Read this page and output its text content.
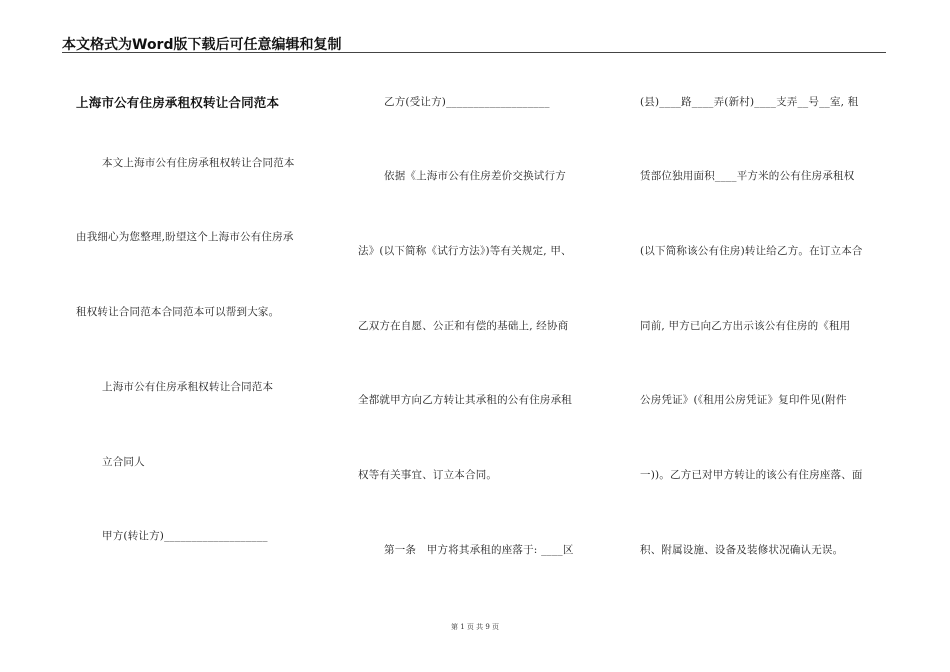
本文格式为Word版下载后可任意编辑和复制
上海市公有住房承租权转让合同范本
本文上海市公有住房承租权转让合同范本
由我细心为您整理,盼望这个上海市公有住房承
租权转让合同范本合同范本可以帮到大家。
上海市公有住房承租权转让合同范本
立合同人
甲方(转让方)___________________
乙方(受让方)___________________
依据《上海市公有住房差价交换试行方
法》(以下简称《试行方法》)等有关规定, 甲、
乙双方在自愿、公正和有偿的基础上, 经协商
全都就甲方向乙方转让其承租的公有住房承租
权等有关事宜、订立本合同。
第一条　甲方将其承租的座落于: ____区
(县)____路____弄(新村)____支弄__号__室, 租
赁部位独用面积____平方米的公有住房承租权
(以下简称该公有住房)转让给乙方。在订立本合
同前, 甲方已向乙方出示该公有住房的《租用
公房凭证》(《租用公房凭证》复印件见(附件
一))。乙方已对甲方转让的该公有住房座落、面
积、附属设施、设备及装修状况确认无误。
第 1 页 共 9 页
